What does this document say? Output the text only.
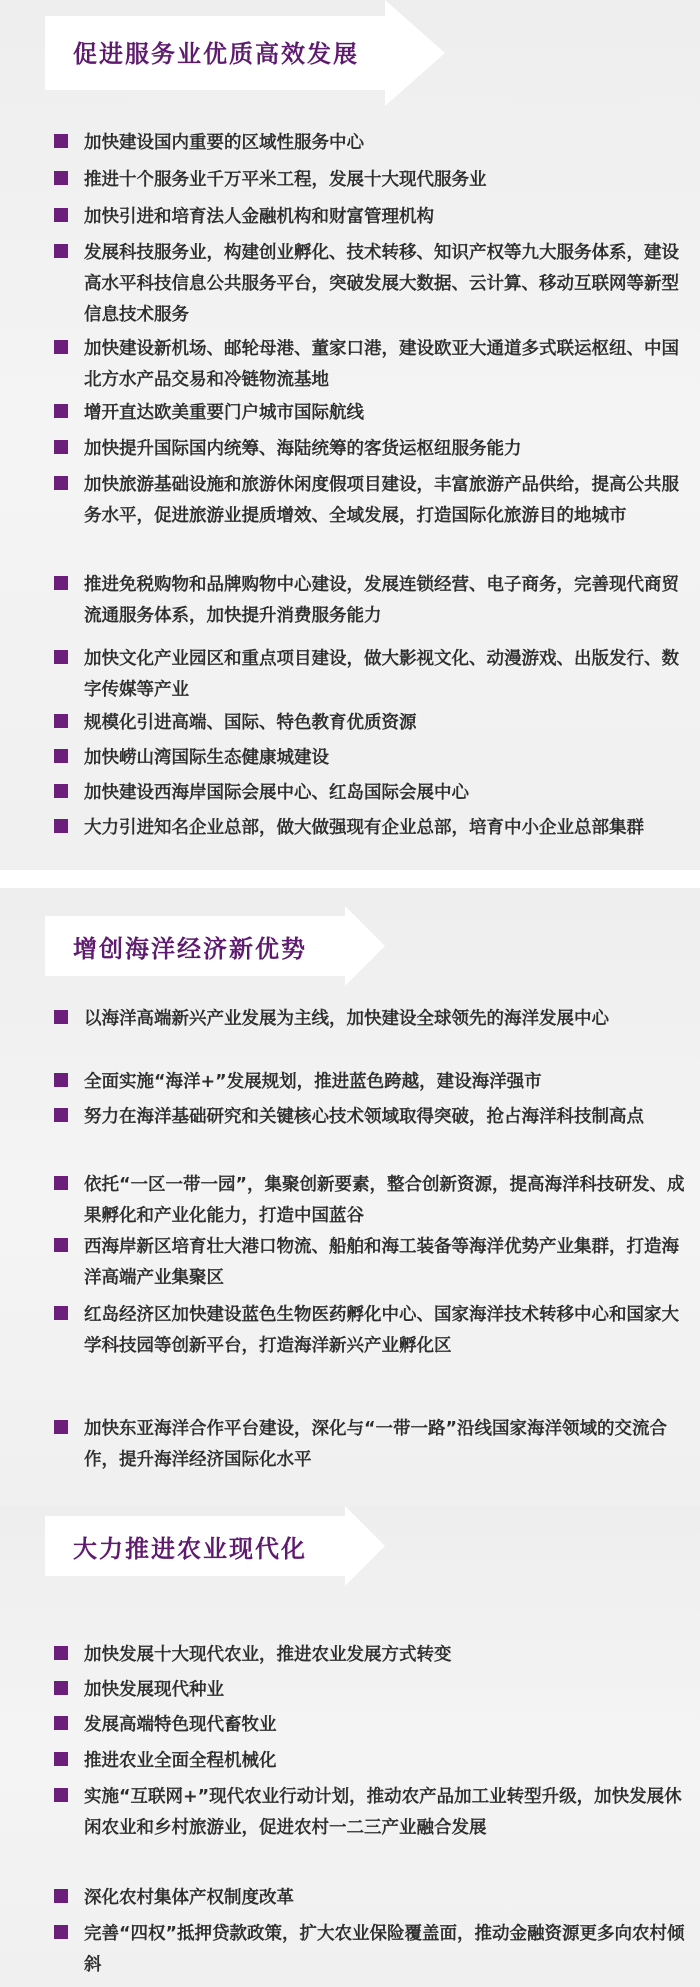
促进服务业优质高效发展
加快建设国内重要的区域性服务中心
推进十个服务业千万平米工程，发展十大现代服务业
加快引进和培育法人金融机构和财富管理机构
发展科技服务业，构建创业孵化、技术转移、知识产权等九大服务体系，建设高水平科技信息公共服务平台，突破发展大数据、云计算、移动互联网等新型信息技术服务
加快建设新机场、邮轮母港、董家口港，建设欧亚大通道多式联运枢纽、中国北方水产品交易和冷链物流基地
增开直达欧美重要门户城市国际航线
加快提升国际国内统筹、海陆统筹的客货运枢纽服务能力
加快旅游基础设施和旅游休闲度假项目建设，丰富旅游产品供给，提高公共服务水平，促进旅游业提质增效、全域发展，打造国际化旅游目的地城市
推进免税购物和品牌购物中心建设，发展连锁经营、电子商务，完善现代商贸流通服务体系，加快提升消费服务能力
加快文化产业园区和重点项目建设，做大影视文化、动漫游戏、出版发行、数字传媒等产业
规模化引进高端、国际、特色教育优质资源
加快崂山湾国际生态健康城建设
加快建设西海岸国际会展中心、红岛国际会展中心
大力引进知名企业总部，做大做强现有企业总部，培育中小企业总部集群
增创海洋经济新优势
以海洋高端新兴产业发展为主线，加快建设全球领先的海洋发展中心
全面实施“海洋+”发展规划，推进蓝色跨越，建设海洋强市
努力在海洋基础研究和关键核心技术领域取得突破，抢占海洋科技制高点
依托“一区一带一园”，集聚创新要素，整合创新资源，提高海洋科技研发、成果孵化和产业化能力，打造中国蓝谷
西海岸新区培育壮大港口物流、船舶和海工装备等海洋优势产业集群，打造海洋高端产业集聚区
红岛经济区加快建设蓝色生物医药孵化中心、国家海洋技术转移中心和国家大学科技园等创新平台，打造海洋新兴产业孵化区
加快东亚海洋合作平台建设，深化与“一带一路”沿线国家海洋领域的交流合作，提升海洋经济国际化水平
大力推进农业现代化
加快发展十大现代农业，推进农业发展方式转变
加快发展现代种业
发展高端特色现代畜牧业
推进农业全面全程机械化
实施“互联网+”现代农业行动计划，推动农产品加工业转型升级，加快发展休闲农业和乡村旅游业，促进农村一二三产业融合发展
深化农村集体产权制度改革
完善“四权”抵押贷款政策，扩大农业保险覆盖面，推动金融资源更多向农村倾斜
